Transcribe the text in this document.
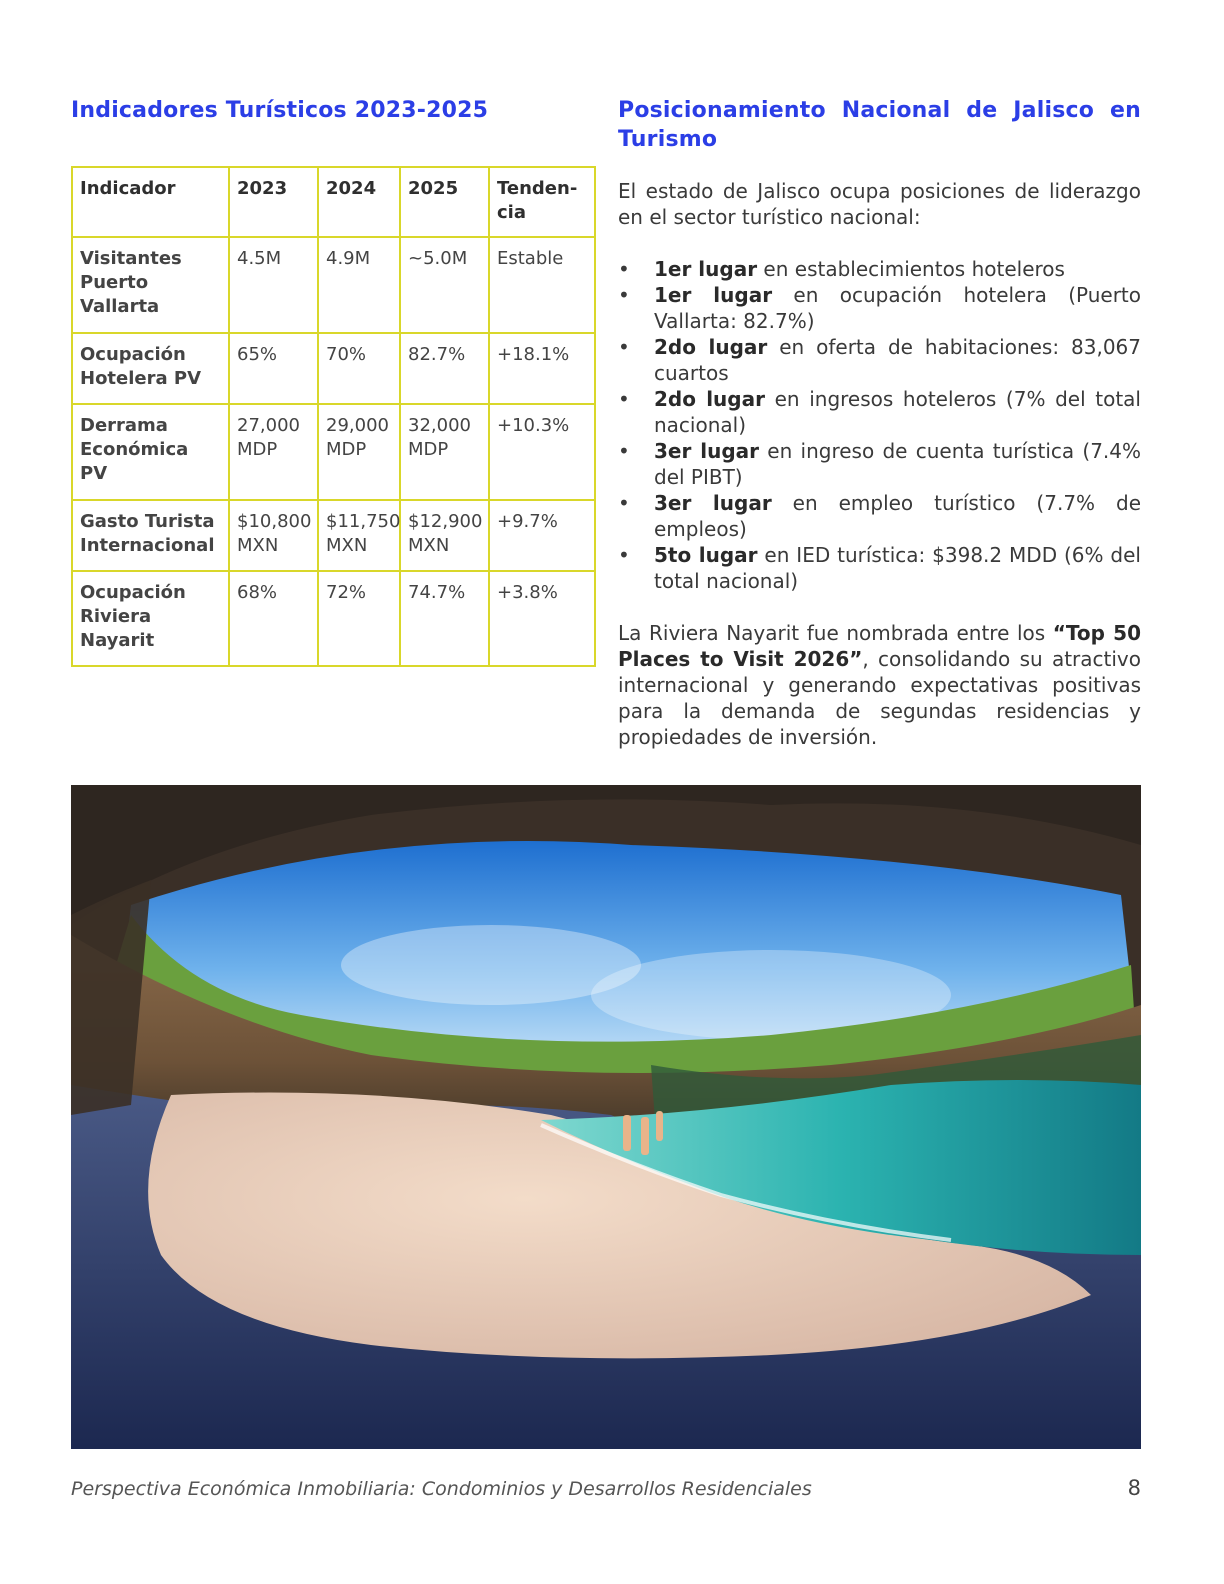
Indicadores Turísticos 2023-2025
Indicador	2023	2024	2025	Tenden-
cia
Visitantes Puerto Vallarta	4.5M	4.9M	~5.0M	Estable
Ocupación Hotelera PV	65%	70%	82.7%	+18.1%
Derrama Económica PV	27,000 MDP	29,000 MDP	32,000 MDP	+10.3%
Gasto Turista Internacional	$10,800 MXN	$11,750 MXN	$12,900 MXN	+9.7%
Ocupación Riviera Nayarit	68%	72%	74.7%	+3.8%
Posicionamiento Nacional de Jalisco en Turismo

El estado de Jalisco ocupa posiciones de liderazgo en el sector turístico nacional:

• 1er lugar en establecimientos hoteleros
• 1er lugar en ocupación hotelera (Puerto Vallarta: 82.7%)
• 2do lugar en oferta de habitaciones: 83,067 cuartos
• 2do lugar en ingresos hoteleros (7% del total nacional)
• 3er lugar en ingreso de cuenta turística (7.4% del PIBT)
• 3er lugar en empleo turístico (7.7% de empleos)
• 5to lugar en IED turística: $398.2 MDD (6% del total nacional)

La Riviera Nayarit fue nombrada entre los “Top 50 Places to Visit 2026”, consolidando su atractivo internacional y generando expectativas positivas para la demanda de segundas residencias y propiedades de inversión.

Perspectiva Económica Inmobiliaria: Condominios y Desarrollos Residenciales	8
